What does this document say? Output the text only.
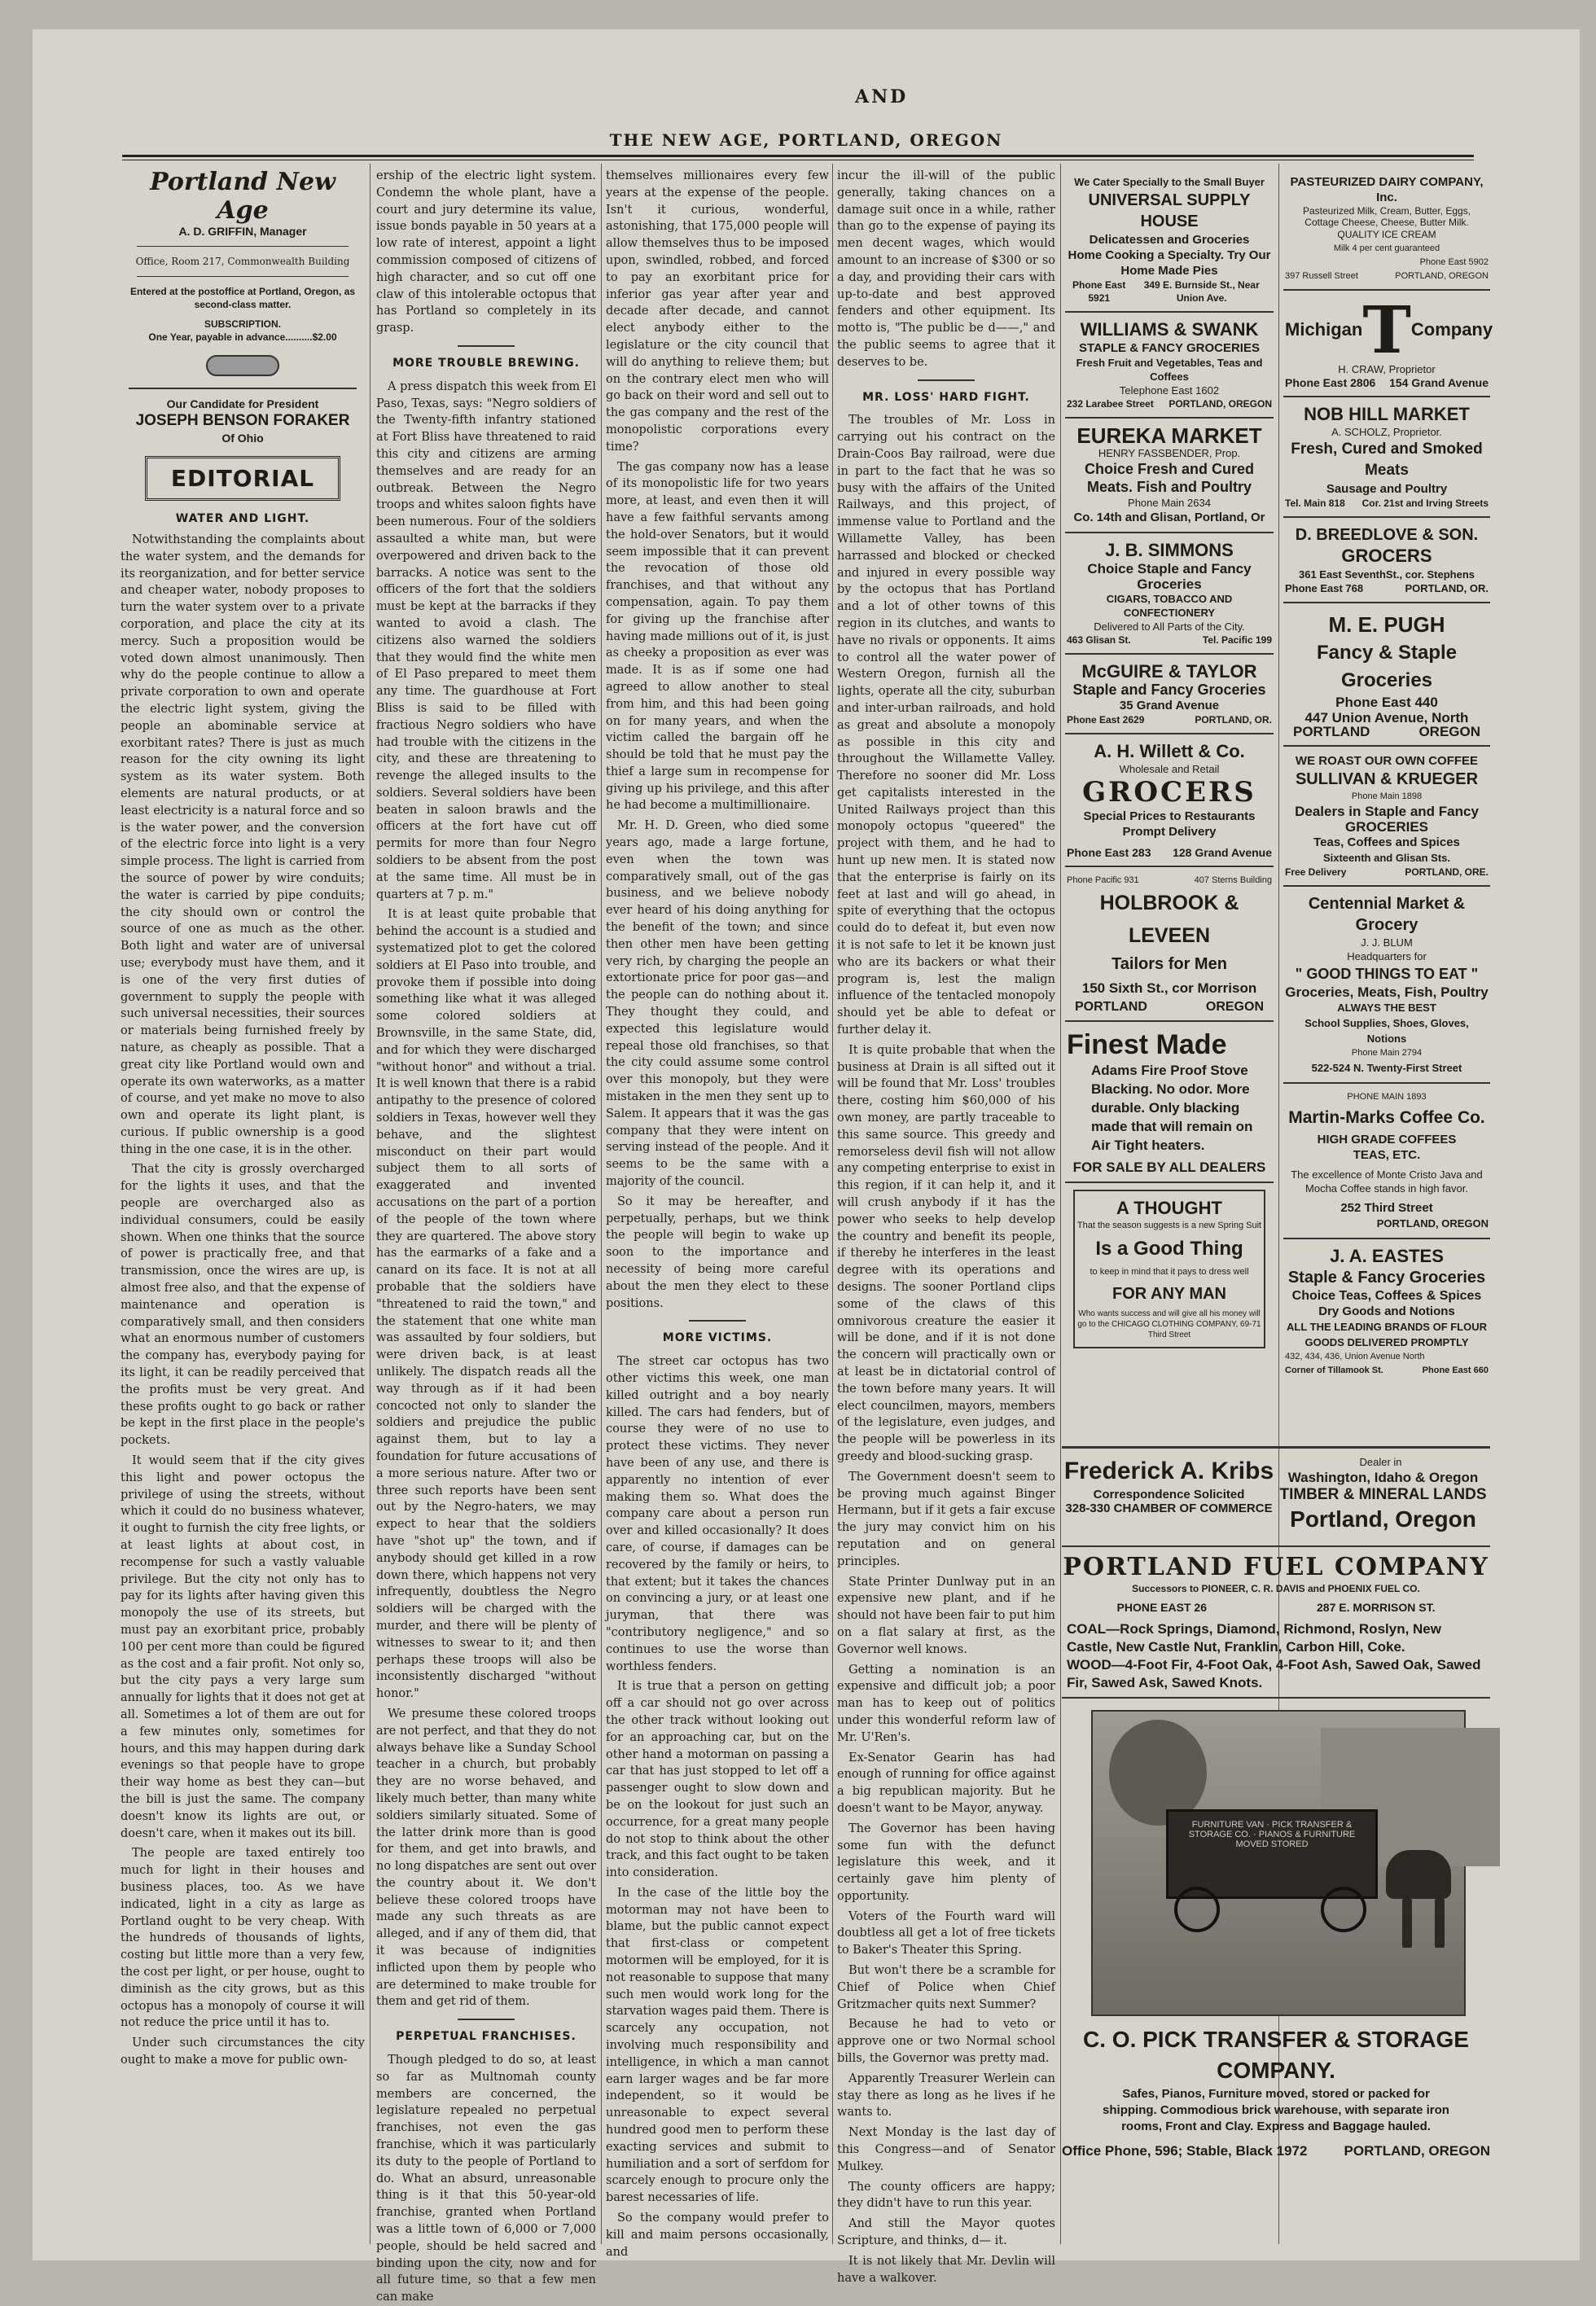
AND
THE NEW AGE, PORTLAND, OREGON
Portland New Age
A. D. GRIFFIN, Manager
Office, Room 217, Commonwealth Building
Entered at the postoffice at Portland, Oregon, as second-class matter.
SUBSCRIPTION.
One Year, payable in advance..........$2.00
Our Candidate for President
JOSEPH BENSON FORAKER
Of Ohio
EDITORIAL
WATER AND LIGHT.

Notwithstanding the complaints about the water system, and the demands for its reorganization, and for better service and cheaper water, nobody proposes to turn the water system over to a private corporation, and place the city at its mercy. Such a proposition would be voted down almost unanimously. Then why do the people continue to allow a private corporation to own and operate the electric light system, giving the people an abominable service at exorbitant rates? There is just as much reason for the city owning its light system as its water system. Both elements are natural products, or at least electricity is a natural force and so is the water power, and the conversion of the electric force into light is a very simple process. The light is carried from the source of power by wire conduits; the water is carried by pipe conduits; the city should own or control the source of one as much as the other. Both light and water are of universal use; everybody must have them, and it is one of the very first duties of government to supply the people with such universal necessities, their sources or materials being furnished freely by nature, as cheaply as possible. That a great city like Portland would own and operate its own waterworks, as a matter of course, and yet make no move to also own and operate its light plant, is curious. If public ownership is a good thing in the one case, it is in the other.

That the city is grossly overcharged for the lights it uses, and that the people are overcharged also as individual consumers, could be easily shown. When one thinks that the source of power is practically free, and that transmission, once the wires are up, is almost free also, and that the expense of maintenance and operation is comparatively small, and then considers what an enormous number of customers the company has, everybody paying for its light, it can be readily perceived that the profits must be very great. And these profits ought to go back or rather be kept in the first place in the people's pockets.

It would seem that if the city gives this light and power octopus the privilege of using the streets, without which it could do no business whatever, it ought to furnish the city free lights, or at least lights at about cost, in recompense for such a vastly valuable privilege. But the city not only has to pay for its lights after having given this monopoly the use of its streets, but must pay an exorbitant price, probably 100 per cent more than could be figured as the cost and a fair profit. Not only so, but the city pays a very large sum annually for lights that it does not get at all. Sometimes a lot of them are out for a few minutes only, sometimes for hours, and this may happen during dark evenings so that people have to grope their way home as best they can—but the bill is just the same. The company doesn't know its lights are out, or doesn't care, when it makes out its bill.

The people are taxed entirely too much for light in their houses and business places, too. As we have indicated, light in a city as large as Portland ought to be very cheap. With the hundreds of thousands of lights, costing but little more than a very few, the cost per light, or per house, ought to diminish as the city grows, but as this octopus has a monopoly of course it will not reduce the price until it has to.

Under such circumstances the city ought to make a move for public own-

ership of the electric light system. Condemn the whole plant, have a court and jury determine its value, issue bonds payable in 50 years at a low rate of interest, appoint a light commission composed of citizens of high character, and so cut off one claw of this intolerable octopus that has Portland so completely in its grasp.

MORE TROUBLE BREWING.

A press dispatch this week from El Paso, Texas, says: "Negro soldiers of the Twenty-fifth infantry stationed at Fort Bliss have threatened to raid this city and citizens are arming themselves and are ready for an outbreak. Between the Negro troops and whites saloon fights have been numerous. Four of the soldiers assaulted a white man, but were overpowered and driven back to the barracks. A notice was sent to the officers of the fort that the soldiers must be kept at the barracks if they wanted to avoid a clash. The citizens also warned the soldiers that they would find the white men of El Paso prepared to meet them any time. The guardhouse at Fort Bliss is said to be filled with fractious Negro soldiers who have had trouble with the citizens in the city, and these are threatening to revenge the alleged insults to the soldiers. Several soldiers have been beaten in saloon brawls and the officers at the fort have cut off permits for more than four Negro soldiers to be absent from the post at the same time. All must be in quarters at 7 p. m."

It is at least quite probable that behind the account is a studied and systematized plot to get the colored soldiers at El Paso into trouble, and provoke them if possible into doing something like what it was alleged some colored soldiers at Brownsville, in the same State, did, and for which they were discharged "without honor" and without a trial. It is well known that there is a rabid antipathy to the presence of colored soldiers in Texas, however well they behave, and the slightest misconduct on their part would subject them to all sorts of exaggerated and invented accusations on the part of a portion of the people of the town where they are quartered. The above story has the earmarks of a fake and a canard on its face. It is not at all probable that the soldiers have "threatened to raid the town," and the statement that one white man was assaulted by four soldiers, but were driven back, is at least unlikely. The dispatch reads all the way through as if it had been concocted not only to slander the soldiers and prejudice the public against them, but to lay a foundation for future accusations of a more serious nature. After two or three such reports have been sent out by the Negro-haters, we may expect to hear that the soldiers have "shot up" the town, and if anybody should get killed in a row down there, which happens not very infrequently, doubtless the Negro soldiers will be charged with the murder, and there will be plenty of witnesses to swear to it; and then perhaps these troops will also be inconsistently discharged "without honor."

We presume these colored troops are not perfect, and that they do not always behave like a Sunday School teacher in a church, but probably they are no worse behaved, and likely much better, than many white soldiers similarly situated. Some of the latter drink more than is good for them, and get into brawls, and no long dispatches are sent out over the country about it. We don't believe these colored troops have made any such threats as are alleged, and if any of them did, that it was because of indignities inflicted upon them by people who are determined to make trouble for them and get rid of them.

PERPETUAL FRANCHISES.

Though pledged to do so, at least so far as Multnomah county members are concerned, the legislature repealed no perpetual franchises, not even the gas franchise, which it was particularly its duty to the people of Portland to do. What an absurd, unreasonable thing is it that this 50-year-old franchise, granted when Portland was a little town of 6,000 or 7,000 people, should be held sacred and binding upon the city, now and for all future time, so that a few men can make

themselves millionaires every few years at the expense of the people. Isn't it curious, wonderful, astonishing, that 175,000 people will allow themselves thus to be imposed upon, swindled, robbed, and forced to pay an exorbitant price for inferior gas year after year and decade after decade, and cannot elect anybody either to the legislature or the city council that will do anything to relieve them; but on the contrary elect men who will go back on their word and sell out to the gas company and the rest of the monopolistic corporations every time?

The gas company now has a lease of its monopolistic life for two years more, at least, and even then it will have a few faithful servants among the hold-over Senators, but it would seem impossible that it can prevent the revocation of those old franchises, and that without any compensation, again. To pay them for giving up the franchise after having made millions out of it, is just as cheeky a proposition as ever was made. It is as if some one had agreed to allow another to steal from him, and this had been going on for many years, and when the victim called the bargain off he should be told that he must pay the thief a large sum in recompense for giving up his privilege, and this after he had become a multimillionaire.

Mr. H. D. Green, who died some years ago, made a large fortune, even when the town was comparatively small, out of the gas business, and we believe nobody ever heard of his doing anything for the benefit of the town; and since then other men have been getting very rich, by charging the people an extortionate price for poor gas—and the people can do nothing about it. They thought they could, and expected this legislature would repeal those old franchises, so that the city could assume some control over this monopoly, but they were mistaken in the men they sent up to Salem. It appears that it was the gas company that they were intent on serving instead of the people. And it seems to be the same with a majority of the council.

So it may be hereafter, and perpetually, perhaps, but we think the people will begin to wake up soon to the importance and necessity of being more careful about the men they elect to these positions.

MORE VICTIMS.

The street car octopus has two other victims this week, one man killed outright and a boy nearly killed. The cars had fenders, but of course they were of no use to protect these victims. They never have been of any use, and there is apparently no intention of ever making them so. What does the company care about a person run over and killed occasionally? It does care, of course, if damages can be recovered by the family or heirs, to that extent; but it takes the chances on convincing a jury, or at least one juryman, that there was "contributory negligence," and so continues to use the worse than worthless fenders.

It is true that a person on getting off a car should not go over across the other track without looking out for an approaching car, but on the other hand a motorman on passing a car that has just stopped to let off a passenger ought to slow down and be on the lookout for just such an occurrence, for a great many people do not stop to think about the other track, and this fact ought to be taken into consideration.

In the case of the little boy the motorman may not have been to blame, but the public cannot expect that first-class or competent motormen will be employed, for it is not reasonable to suppose that many such men would work long for the starvation wages paid them. There is scarcely any occupation, not involving much responsibility and intelligence, in which a man cannot earn larger wages and be far more independent, so it would be unreasonable to expect several hundred good men to perform these exacting services and submit to humiliation and a sort of serfdom for scarcely enough to procure only the barest necessaries of life.

So the company would prefer to kill and maim persons occasionally, and

incur the ill-will of the public generally, taking chances on a damage suit once in a while, rather than go to the expense of paying its men decent wages, which would amount to an increase of $300 or so a day, and providing their cars with up-to-date and best approved fenders and other equipment. Its motto is, "The public be d——," and the public seems to agree that it deserves to be.

MR. LOSS' HARD FIGHT.

The troubles of Mr. Loss in carrying out his contract on the Drain-Coos Bay railroad, were due in part to the fact that he was so busy with the affairs of the United Railways, and this project, of immense value to Portland and the Willamette Valley, has been harrassed and blocked or checked and injured in every possible way by the octopus that has Portland and a lot of other towns of this region in its clutches, and wants to have no rivals or opponents. It aims to control all the water power of Western Oregon, furnish all the lights, operate all the city, suburban and inter-urban railroads, and hold as great and absolute a monopoly as possible in this city and throughout the Willamette Valley. Therefore no sooner did Mr. Loss get capitalists interested in the United Railways project than this monopoly octopus "queered" the project with them, and he had to hunt up new men. It is stated now that the enterprise is fairly on its feet at last and will go ahead, in spite of everything that the octopus could do to defeat it, but even now it is not safe to let it be known just who are its backers or what their program is, lest the malign influence of the tentacled monopoly should yet be able to defeat or further delay it.

It is quite probable that when the business at Drain is all sifted out it will be found that Mr. Loss' troubles there, costing him $60,000 of his own money, are partly traceable to this same source. This greedy and remorseless devil fish will not allow any competing enterprise to exist in this region, if it can help it, and it will crush anybody if it has the power who seeks to help develop the country and benefit its people, if thereby he interferes in the least degree with its operations and designs. The sooner Portland clips some of the claws of this omnivorous creature the easier it will be done, and if it is not done the concern will practically own or at least be in dictatorial control of the town before many years. It will elect councilmen, mayors, members of the legislature, even judges, and the people will be powerless in its greedy and blood-sucking grasp.

The Government doesn't seem to be proving much against Binger Hermann, but if it gets a fair excuse the jury may convict him on his reputation and on general principles.

State Printer Dunlway put in an expensive new plant, and if he should not have been fair to put him on a flat salary at first, as the Governor well knows.

Getting a nomination is an expensive and difficult job; a poor man has to keep out of politics under this wonderful reform law of Mr. U'Ren's.

Ex-Senator Gearin has had enough of running for office against a big republican majority. But he doesn't want to be Mayor, anyway.

The Governor has been having some fun with the defunct legislature this week, and it certainly gave him plenty of opportunity.

Voters of the Fourth ward will doubtless all get a lot of free tickets to Baker's Theater this Spring.

But won't there be a scramble for Chief of Police when Chief Gritzmacher quits next Summer?

Because he had to veto or approve one or two Normal school bills, the Governor was pretty mad.

Apparently Treasurer Werlein can stay there as long as he lives if he wants to.

Next Monday is the last day of this Congress—and of Senator Mulkey.

The county officers are happy; they didn't have to run this year.

And still the Mayor quotes Scripture, and thinks, d— it.

It is not likely that Mr. Devlin will have a walkover.

We Cater Specially to the Small Buyer
UNIVERSAL SUPPLY HOUSE
Delicatessen and Groceries
Home Cooking a Specialty. Try Our Home Made Pies
Phone East 5921
349 E. Burnside St., Near Union Ave.
WILLIAMS & SWANK
STAPLE & FANCY GROCERIES
Fresh Fruit and Vegetables, Teas and Coffees
Telephone East 1602
232 Larabee Street PORTLAND, OREGON
EUREKA MARKET
HENRY FASSBENDER, Prop.
Choice Fresh and Cured Meats. Fish and Poultry
Phone Main 2634
Co. 14th and Glisan, Portland, Or
J. B. SIMMONS
Choice Staple and Fancy Groceries
CIGARS, TOBACCO AND CONFECTIONERY
Delivered to All Parts of the City.
463 Glisan St.	Tel. Pacific 199
McGUIRE & TAYLOR
Staple and Fancy Groceries
35 Grand Avenue
Phone East 2629	PORTLAND, OR.
A. H. Willett & Co.
Wholesale and Retail
GROCERS
Special Prices to Restaurants
Prompt Delivery
Phone East 283 128 Grand Avenue
Phone Pacific 931	407 Sterns Building
HOLBROOK & LEVEEN
Tailors for Men
150 Sixth St., cor Morrison
PORTLAND	OREGON
Finest Made
Adams Fire Proof Stove Blacking. No odor. More durable. Only blacking made that will remain on Air Tight heaters.
FOR SALE BY ALL DEALERS
A THOUGHT
That the season suggests is a new Spring Suit
Is a Good Thing
to keep in mind that it pays to dress well
FOR ANY MAN
Who wants success and will give all his money will go to the CHICAGO CLOTHING COMPANY, 69-71 Third Street
PASTEURIZED DAIRY COMPANY, Inc.
Pasteurized Milk, Cream, Butter, Eggs, Cottage Cheese, Cheese, Butter Milk.
QUALITY ICE CREAM
Milk 4 per cent guaranteed
Phone East 5902
397 Russell Street	PORTLAND, OREGON
Michigan T Company
H. CRAW, Proprietor
Phone East 2806 154 Grand Avenue
NOB HILL MARKET
A. SCHOLZ, Proprietor.
Fresh, Cured and Smoked Meats
Sausage and Poultry
Tel. Main 818 Cor. 21st and Irving Streets
D. BREEDLOVE & SON.
GROCERS
361 East SeventhSt., cor. Stephens
Phone East 768	PORTLAND, OR.
M. E. PUGH
Fancy & Staple Groceries
Phone East 440
447 Union Avenue, North
PORTLAND	OREGON
WE ROAST OUR OWN COFFEE
SULLIVAN & KRUEGER
Phone Main 1898
Dealers in Staple and Fancy
GROCERIES
Teas, Coffees and Spices
Sixteenth and Glisan Sts.
Free Delivery	PORTLAND, ORE.
Centennial Market & Grocery
J. J. BLUM
Headquarters for
" GOOD THINGS TO EAT "
Groceries, Meats, Fish, Poultry
ALWAYS THE BEST
School Supplies, Shoes, Gloves, Notions
Phone Main 2794
522-524 N. Twenty-First Street
PHONE MAIN 1893
Martin-Marks Coffee Co.
HIGH GRADE COFFEES
TEAS, ETC.
The excellence of Monte Cristo Java and Mocha Coffee stands in high favor.
252 Third Street
PORTLAND, OREGON
J. A. EASTES
Staple & Fancy Groceries
Choice Teas, Coffees & Spices
Dry Goods and Notions
ALL THE LEADING BRANDS OF FLOUR
GOODS DELIVERED PROMPTLY
432, 434, 436, Union Avenue North
Corner of Tillamook St.	Phone East 660
Frederick A. Kribs
Correspondence Solicited
328-330 CHAMBER OF COMMERCE
Dealer in Washington, Idaho & Oregon
TIMBER & MINERAL LANDS
Portland, Oregon
PORTLAND FUEL COMPANY
Successors to PIONEER, C. R. DAVIS and PHOENIX FUEL CO.
PHONE EAST 26	287 E. MORRISON ST.
COAL—Rock Springs, Diamond, Richmond, Roslyn, New Castle, New Castle Nut, Franklin, Carbon Hill, Coke.
WOOD—4-Foot Fir, 4-Foot Oak, 4-Foot Ash, Sawed Oak, Sawed Fir, Sawed Ask, Sawed Knots.
FURNITURE VAN · PICK TRANSFER & STORAGE CO. · PIANOS & FURNITURE MOVED STORED
C. O. PICK TRANSFER & STORAGE COMPANY.
Safes, Pianos, Furniture moved, stored or packed for shipping. Commodious brick warehouse, with separate iron rooms, Front and Clay. Express and Baggage hauled.
Office Phone, 596; Stable, Black 1972	PORTLAND, OREGON
